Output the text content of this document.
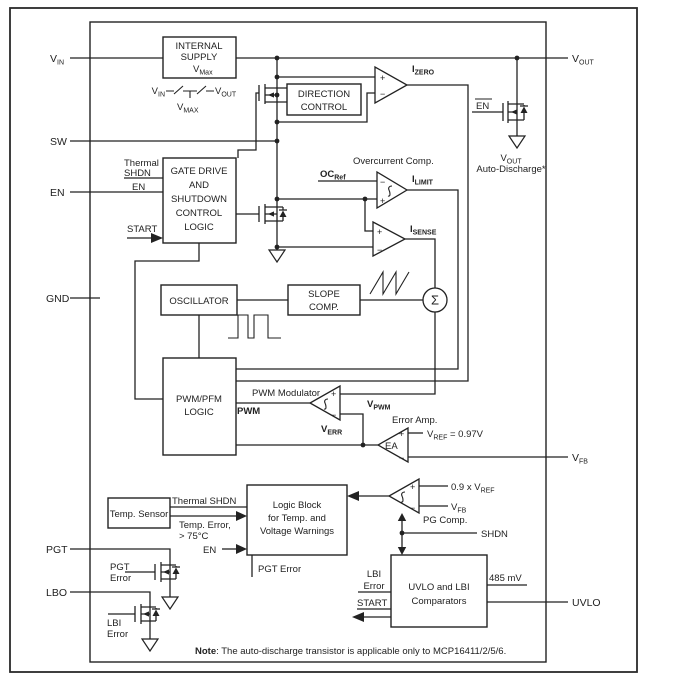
INTERNAL
SUPPLY
$V_{Max}$
DIRECTION
CONTROL
GATE DRIVE
AND
SHUTDOWN
CONTROL
LOGIC
OSCILLATOR
SLOPE
COMP.
PWM/PFM
LOGIC
Logic Block
for Temp. and
Voltage Warnings
Temp. Sensor
UVLO and LBI
Comparators
+
−
−
+
+
−
Σ
+
−
+
−
EA
+
−
$V_{IN}$
SW
EN
GND
PGT
LBO
$V_{OUT}$
$V_{FB}$
UVLO
$V_{IN}$	$V_{OUT}$
$V_{MAX}$
$I_{ZERO}$
$I_{LIMIT}$
$I_{SENSE}$
Overcurrent Comp.
$OC_{Ref}$
PWM Modulator
$V_{PWM}$
PWM
$V_{ERR}$
Error Amp.
$V_{REF} = 0.97V$
0.9 x $V_{REF}$
$V_{FB}$
PG Comp.
SHDN
485 mV
Thermal
SHDN
EN
START
Thermal SHDN
Temp. Error,
> 75°C
EN
PGT Error
PGT
Error
LBI
Error
LBI
Error
START
EN
$V_{OUT}$
Auto-Discharge*
Note: The auto-discharge transistor is applicable only to MCP16411/2/5/6.
